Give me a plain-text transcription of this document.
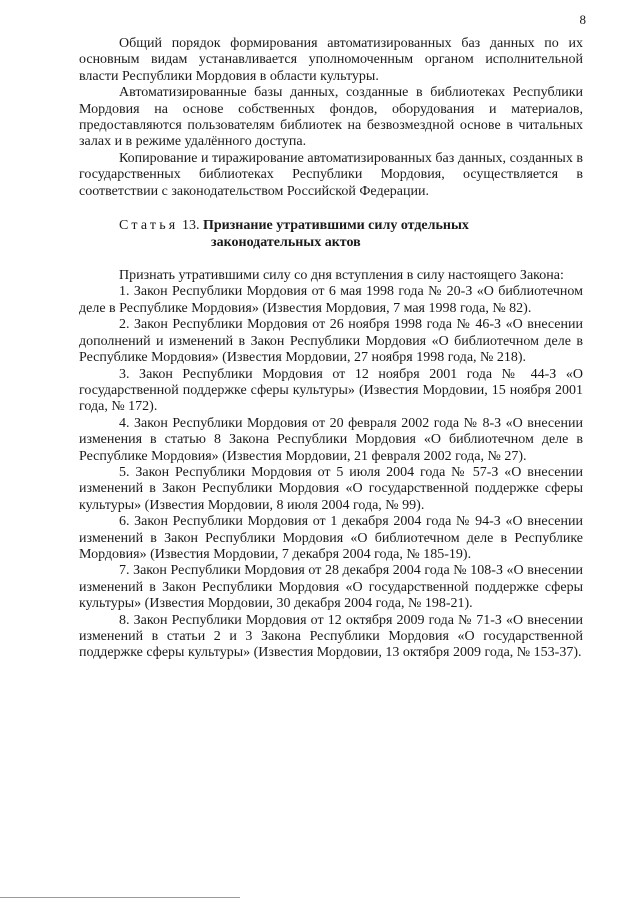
8

Общий порядок формирования автоматизированных баз данных по их основным видам устанавливается уполномоченным органом исполнительной власти Республики Мордовия в области культуры.

Автоматизированные базы данных, созданные в библиотеках Республики Мордовия на основе собственных фондов, оборудования и материалов, предоставляются пользователям библиотек на безвозмездной основе в читальных залах и в режиме удалённого доступа.

Копирование и тиражирование автоматизированных баз данных, созданных в государственных библиотеках Республики Мордовия, осуществляется в соответствии с законодательством Российской Федерации.

Статья 13. Признание утратившими силу отдельных
законодательных актов

Признать утратившими силу со дня вступления в силу настоящего Закона:

1. Закон Республики Мордовия от 6 мая 1998 года № 20-З «О библиотечном деле в Республике Мордовия» (Известия Мордовия, 7 мая 1998 года, № 82).
2. Закон Республики Мордовия от 26 ноября 1998 года № 46-З «О внесении дополнений и изменений в Закон Республики Мордовия «О библиотечном деле в Республике Мордовия» (Известия Мордовии, 27 ноября 1998 года, № 218).
3. Закон Республики Мордовия от 12 ноября 2001 года № 44-З «О государственной поддержке сферы культуры» (Известия Мордовии, 15 ноября 2001 года, № 172).
4. Закон Республики Мордовия от 20 февраля 2002 года № 8-З «О внесении изменения в статью 8 Закона Республики Мордовия «О библиотечном деле в Республике Мордовия» (Известия Мордовии, 21 февраля 2002 года, № 27).
5. Закон Республики Мордовия от 5 июля 2004 года № 57-З «О внесении изменений в Закон Республики Мордовия «О государственной поддержке сферы культуры» (Известия Мордовии, 8 июля 2004 года, № 99).
6. Закон Республики Мордовия от 1 декабря 2004 года № 94-З «О внесении изменений в Закон Республики Мордовия «О библиотечном деле в Республике Мордовия» (Известия Мордовии, 7 декабря 2004 года, № 185-19).
7. Закон Республики Мордовия от 28 декабря 2004 года № 108-З «О внесении изменений в Закон Республики Мордовия «О государственной поддержке сферы культуры» (Известия Мордовии, 30 декабря 2004 года, № 198-21).
8. Закон Республики Мордовия от 12 октября 2009 года № 71-З «О внесении изменений в статьи 2 и 3 Закона Республики Мордовия «О государственной поддержке сферы культуры» (Известия Мордовии, 13 октября 2009 года, № 153-37).
